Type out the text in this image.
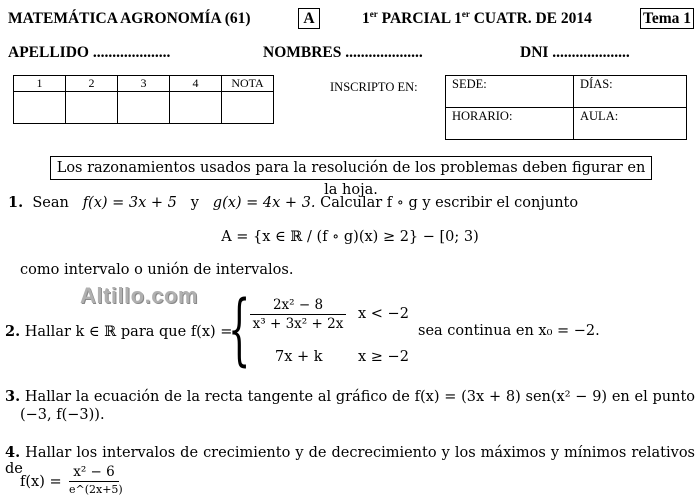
MATEMÁTICA AGRONOMÍA (61)	A	1er PARCIAL 1er CUATR. DE 2014	Tema 1
APELLIDO ....................	NOMBRES ....................	DNI ....................
1	2	3	4	NOTA
					INSCRIPTO EN:	SEDE:	DÍAS:
HORARIO:	AULA:
Los razonamientos usados para la resolución de los problemas deben figurar en la hoja.
1. Sean f(x) = 3x + 5 y g(x) = 4x + 3. Calcular f ∘ g y escribir el conjunto
A = {x ∈ ℝ / (f ∘ g)(x) ≥ 2} − [0; 3)
como intervalo o unión de intervalos.
Altillo.com
2. Hallar k ∈ ℝ para que f(x) =
{ $\frac{\text{2x² − 8}}{\text{x³ + 3x² + 2x}}$ x < −2
7x + k x ≥ −2
sea continua en x₀ = −2.
3. Hallar la ecuación de la recta tangente al gráfico de f(x) = (3x + 8) sen(x² − 9) en el punto
(−3, f(−3)).
4. Hallar los intervalos de crecimiento y de decrecimiento y los máximos y mínimos relativos de
f(x) =
x² − 6
e^(2x+5)
